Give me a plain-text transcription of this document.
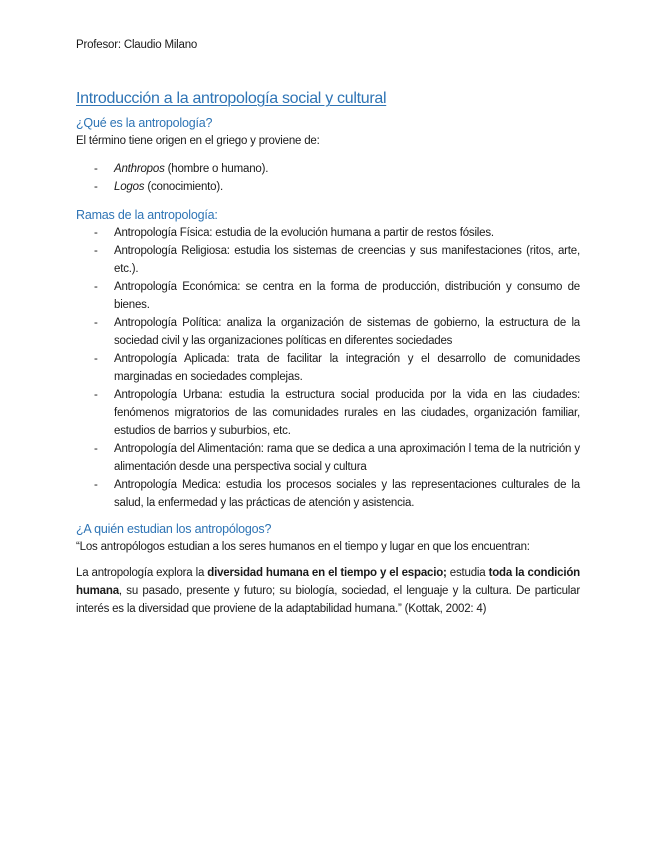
Profesor: Claudio Milano
Introducción a la antropología social y cultural
¿Qué es la antropología?

El término tiene origen en el griego y proviene de:

- Anthropos (hombre o humano).
- Logos (conocimiento).
Ramas de la antropología:
- Antropología Física: estudia de la evolución humana a partir de restos fósiles.
- Antropología Religiosa: estudia los sistemas de creencias y sus manifestaciones (ritos, arte, etc.).
- Antropología Económica: se centra en la forma de producción, distribución y consumo de bienes.
- Antropología Política: analiza la organización de sistemas de gobierno, la estructura de la sociedad civil y las organizaciones políticas en diferentes sociedades
- Antropología Aplicada: trata de facilitar la integración y el desarrollo de comunidades marginadas en sociedades complejas.
- Antropología Urbana: estudia la estructura social producida por la vida en las ciudades: fenómenos migratorios de las comunidades rurales en las ciudades, organización familiar, estudios de barrios y suburbios, etc.
- Antropología del Alimentación: rama que se dedica a una aproximación l tema de la nutrición y alimentación desde una perspectiva social y cultura
- Antropología Medica: estudia los procesos sociales y las representaciones culturales de la salud, la enfermedad y las prácticas de atención y asistencia.
¿A quién estudian los antropólogos?

“Los antropólogos estudian a los seres humanos en el tiempo y lugar en que los encuentran:

La antropología explora la diversidad humana en el tiempo y el espacio; estudia toda la condición humana, su pasado, presente y futuro; su biología, sociedad, el lenguaje y la cultura. De particular interés es la diversidad que proviene de la adaptabilidad humana.” (Kottak, 2002: 4)
